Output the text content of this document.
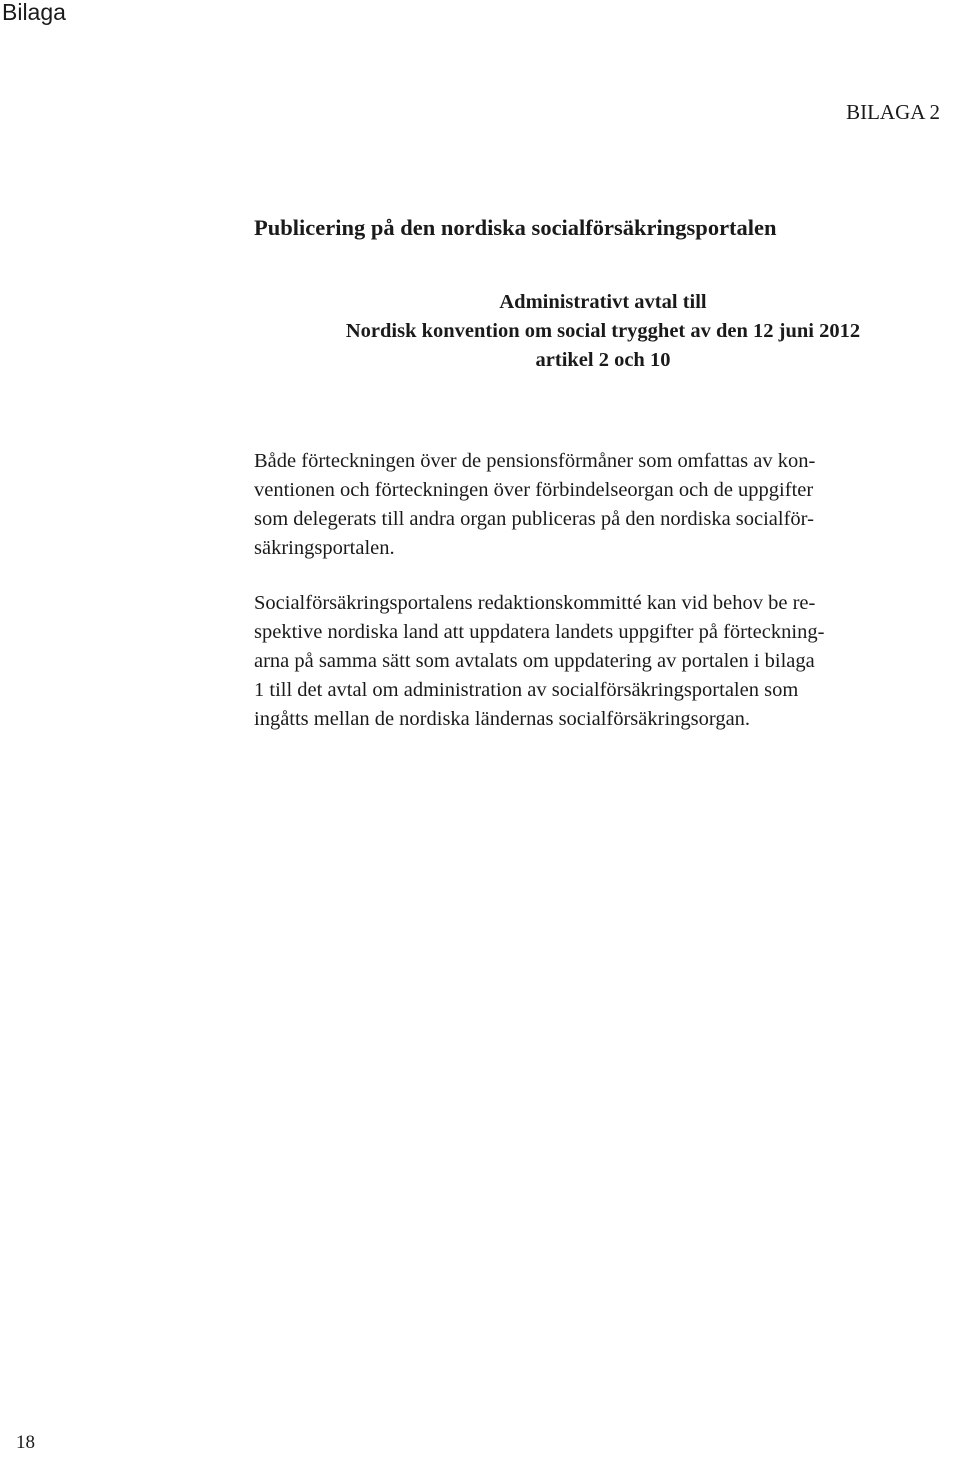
Bilaga
BILAGA 2
Publicering på den nordiska socialförsäkringsportalen
Administrativt avtal till
Nordisk konvention om social trygghet av den 12 juni 2012
artikel 2 och 10
Både förteckningen över de pensionsförmåner som omfattas av kon-
ventionen och förteckningen över förbindelseorgan och de uppgifter
som delegerats till andra organ publiceras på den nordiska socialför-
säkringsportalen.
Socialförsäkringsportalens redaktionskommitté kan vid behov be re-
spektive nordiska land att uppdatera landets uppgifter på förteckning-
arna på samma sätt som avtalats om uppdatering av portalen i bilaga
1 till det avtal om administration av socialförsäkringsportalen som
ingåtts mellan de nordiska ländernas socialförsäkringsorgan.
18
